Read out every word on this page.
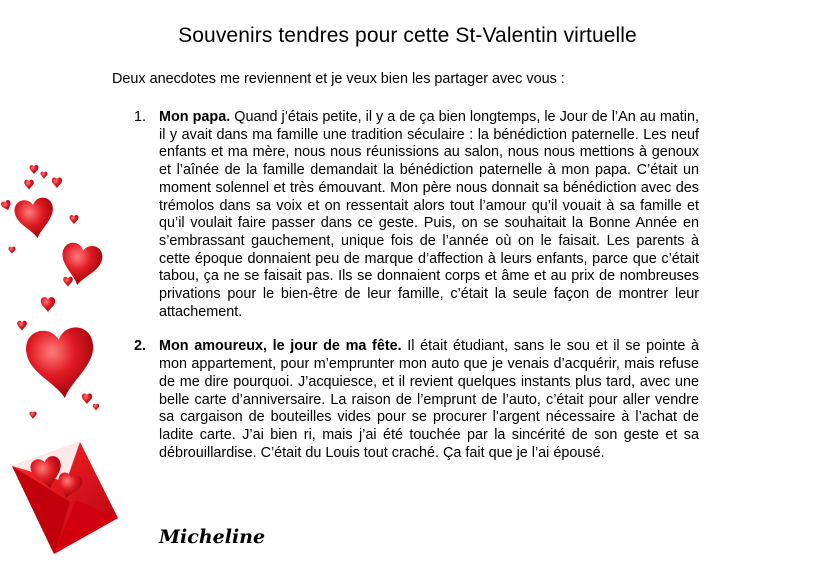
Souvenirs tendres pour cette St-Valentin virtuelle
Deux anecdotes me reviennent et je veux bien les partager avec vous :
1. Mon papa. Quand j’étais petite, il y a de ça bien longtemps, le Jour de l’An au matin, il y avait dans ma famille une tradition séculaire : la bénédiction paternelle. Les neuf enfants et ma mère, nous nous réunissions au salon, nous nous mettions à genoux et l’aînée de la famille demandait la bénédiction paternelle à mon papa. C’était un moment solennel et très émouvant. Mon père nous donnait sa bénédiction avec des trémolos dans sa voix et on ressentait alors tout l’amour qu’il vouait à sa famille et qu’il voulait faire passer dans ce geste. Puis, on se souhaitait la Bonne Année en s’embrassant gauchement, unique fois de l’année où on le faisait. Les parents à cette époque donnaient peu de marque d’affection à leurs enfants, parce que c’était tabou, ça ne se faisait pas. Ils se donnaient corps et âme et au prix de nombreuses privations pour le bien-être de leur famille, c’était la seule façon de montrer leur attachement.
2. Mon amoureux, le jour de ma fête. Il était étudiant, sans le sou et il se pointe à mon appartement, pour m’emprunter mon auto que je venais d’acquérir, mais refuse de me dire pourquoi. J’acquiesce, et il revient quelques instants plus tard, avec une belle carte d’anniversaire. La raison de l’emprunt de l’auto, c’était pour aller vendre sa cargaison de bouteilles vides pour se procurer l’argent nécessaire à l’achat de ladite carte. J’ai bien ri, mais j’ai été touchée par la sincérité de son geste et sa débrouillardise. C’était du Louis tout craché. Ça fait que je l’ai épousé.
Micheline
